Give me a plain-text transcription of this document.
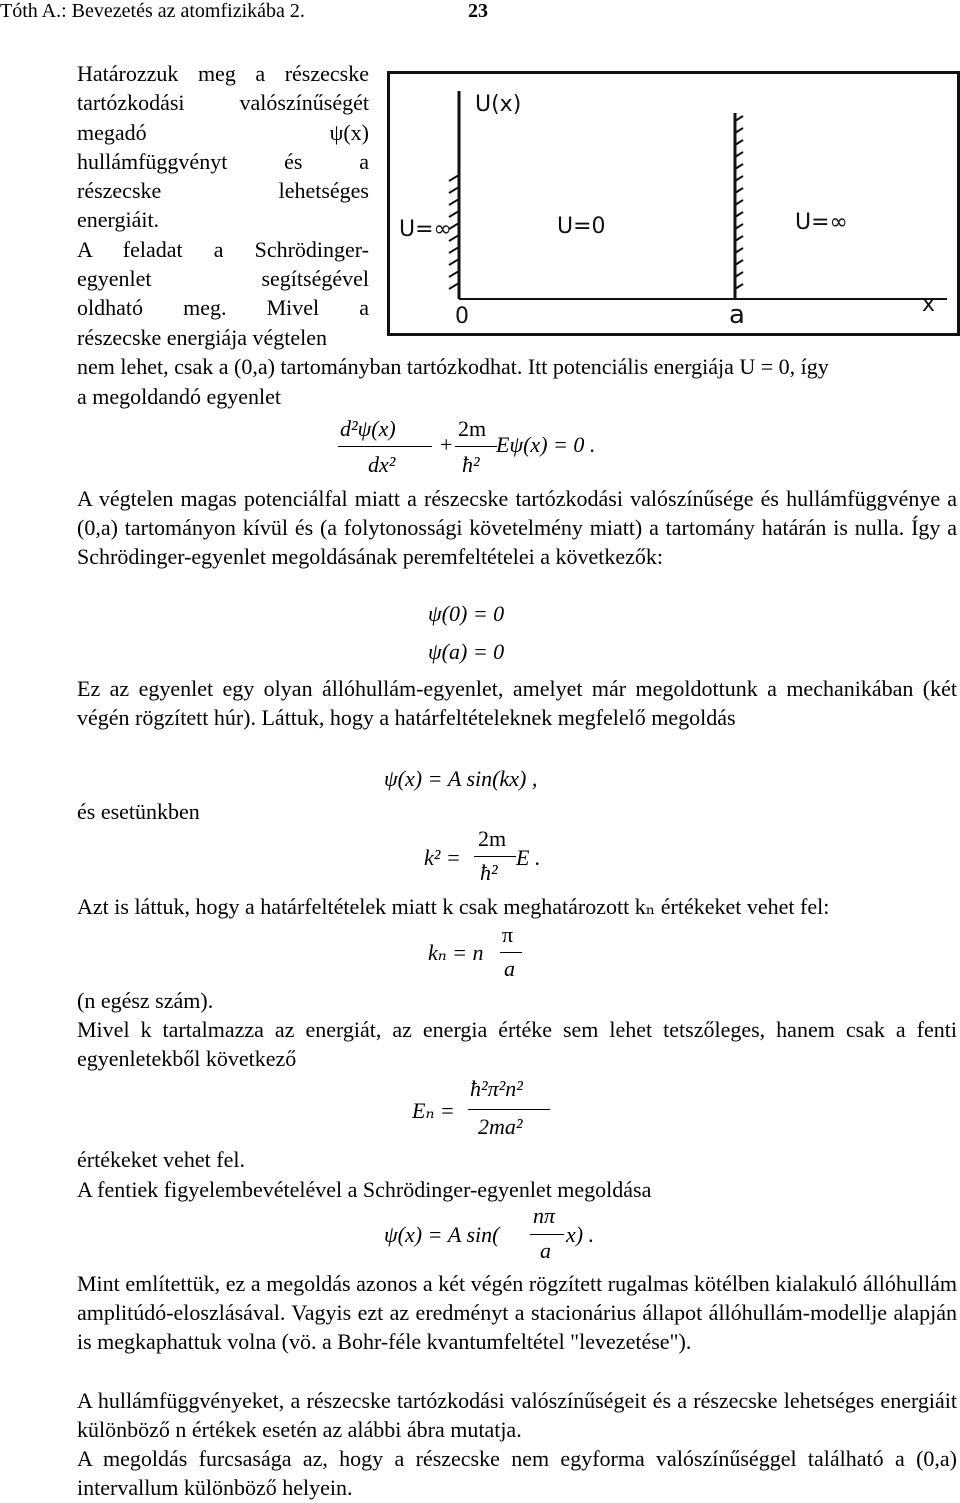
Tóth A.: Bevezetés az atomfizikába 2.	23
Határozzuk meg a részecske
tartózkodási valószínűségét
megadó ψ(x)
hullámfüggvényt és a
részecske lehetséges
energiáit.
A feladat a Schrödinger-
egyenlet segítségével
oldható meg. Mivel a
részecske energiája végtelen
U(x)
U=∞	U=0	U=∞
0	a	x

nem lehet, csak a (0,a) tartományban tartózkodhat. Itt potenciális energiája U = 0, így

a megoldandó egyenlet

d²ψ(x)
dx²
+
2m
ħ²
Eψ(x) = 0 .

A végtelen magas potenciálfal miatt a részecske tartózkodási valószínűsége és hullámfüggvénye a (0,a) tartományon kívül és (a folytonossági követelmény miatt) a tartomány határán is nulla. Így a Schrödinger-egyenlet megoldásának peremfeltételei a következők:

ψ(0) = 0
ψ(a) = 0

Ez az egyenlet egy olyan állóhullám-egyenlet, amelyet már megoldottunk a mechanikában (két végén rögzített húr). Láttuk, hogy a határfeltételeknek megfelelő megoldás

ψ(x) = A sin(kx) ,

és esetünkben

k² =
2m
ħ²
E .

Azt is láttuk, hogy a határfeltételek miatt k csak meghatározott kₙ értékeket vehet fel:

kₙ = n
π
a

(n egész szám).

Mivel k tartalmazza az energiát, az energia értéke sem lehet tetszőleges, hanem csak a fenti egyenletekből következő

Eₙ =
ħ²π²n²
2ma²

értékeket vehet fel.

A fentiek figyelembevételével a Schrödinger-egyenlet megoldása

ψ(x) = A sin(
nπ
a
x) .

Mint említettük, ez a megoldás azonos a két végén rögzített rugalmas kötélben kialakuló állóhullám amplitúdó-eloszlásával. Vagyis ezt az eredményt a stacionárius állapot állóhullám-modellje alapján is megkaphattuk volna (vö. a Bohr-féle kvantumfeltétel "levezetése").

A hullámfüggvényeket, a részecske tartózkodási valószínűségeit és a részecske lehetséges energiáit különböző n értékek esetén az alábbi ábra mutatja.

A megoldás furcsasága az, hogy a részecske nem egyforma valószínűséggel található a (0,a) intervallum különböző helyein.
